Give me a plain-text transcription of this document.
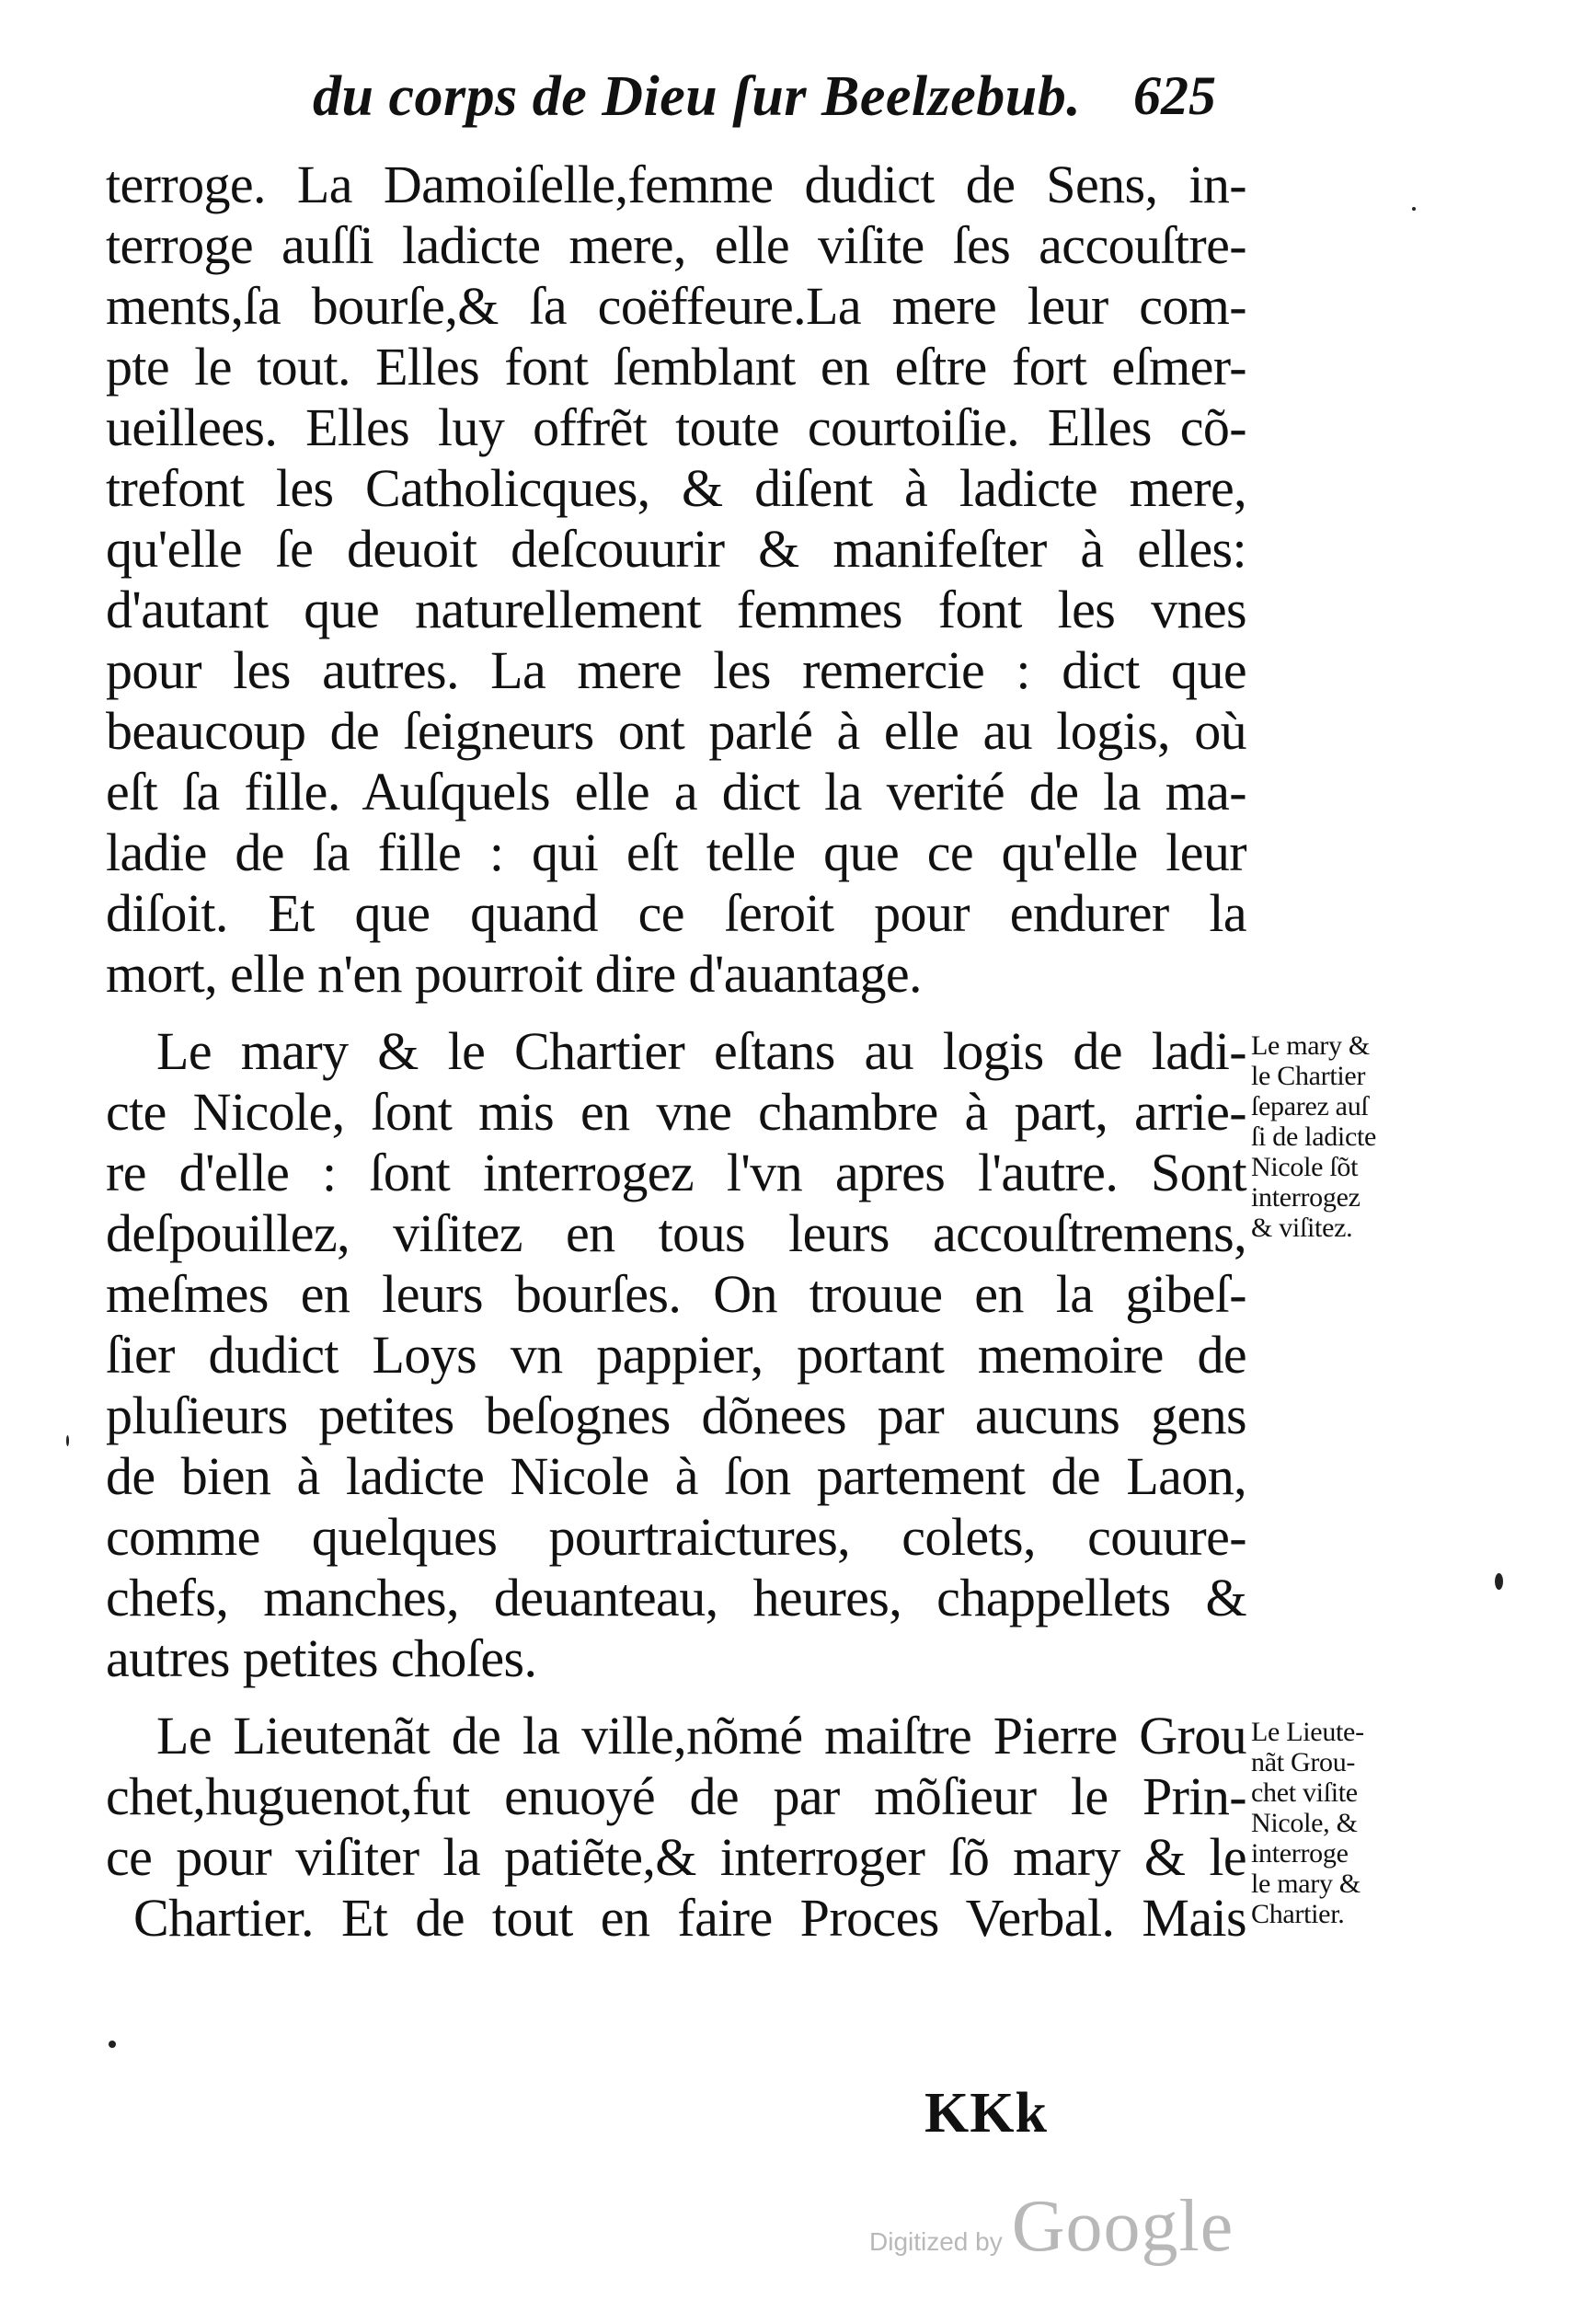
du corps de Dieu ſur Beelzebub. 625
terroge. La Damoiſelle,femme dudict de Sens, in-
terroge auſſi ladicte mere, elle viſite ſes accouſtre-
ments,ſa bourſe,& ſa coëffeure.La mere leur com-
pte le tout. Elles font ſemblant en eſtre fort eſmer-
ueillees. Elles luy offrẽt toute courtoiſie. Elles cõ-
trefont les Catholicques, & diſent à ladicte mere,
qu'elle ſe deuoit deſcouurir & manifeſter à elles:
d'autant que naturellement femmes font les vnes
pour les autres. La mere les remercie : dict que
beaucoup de ſeigneurs ont parlé à elle au logis, où
eſt ſa fille. Auſquels elle a dict la verité de la ma-
ladie de ſa fille : qui eſt telle que ce qu'elle leur
diſoit. Et que quand ce ſeroit pour endurer la
mort, elle n'en pourroit dire d'auantage.
Le mary & le Chartier eſtans au logis de ladi-
cte Nicole, ſont mis en vne chambre à part, arrie-
re d'elle : ſont interrogez l'vn apres l'autre. Sont
deſpouillez, viſitez en tous leurs accouſtremens,
meſmes en leurs bourſes. On trouue en la gibeſ-
ſier dudict Loys vn pappier, portant memoire de
pluſieurs petites beſognes dõnees par aucuns gens
de bien à ladicte Nicole à ſon partement de Laon,
comme quelques pourtraictures, colets, couure-
chefs, manches, deuanteau, heures, chappellets &
autres petites choſes.
Le Lieutenãt de la ville,nõmé maiſtre Pierre Grou
chet,huguenot,fut enuoyé de par mõſieur le Prin-
ce pour viſiter la patiẽte,& interroger ſõ mary & le
Chartier. Et de tout en faire Proces Verbal. Mais
Le mary &
le Chartier
ſeparez auſ
ſi de ladicte
Nicole ſõt
interrogez
& viſitez.
Le Lieute-
nãt Grou-
chet viſite
Nicole, &
interroge
le mary &
Chartier.
KKk
Digitized by Google
